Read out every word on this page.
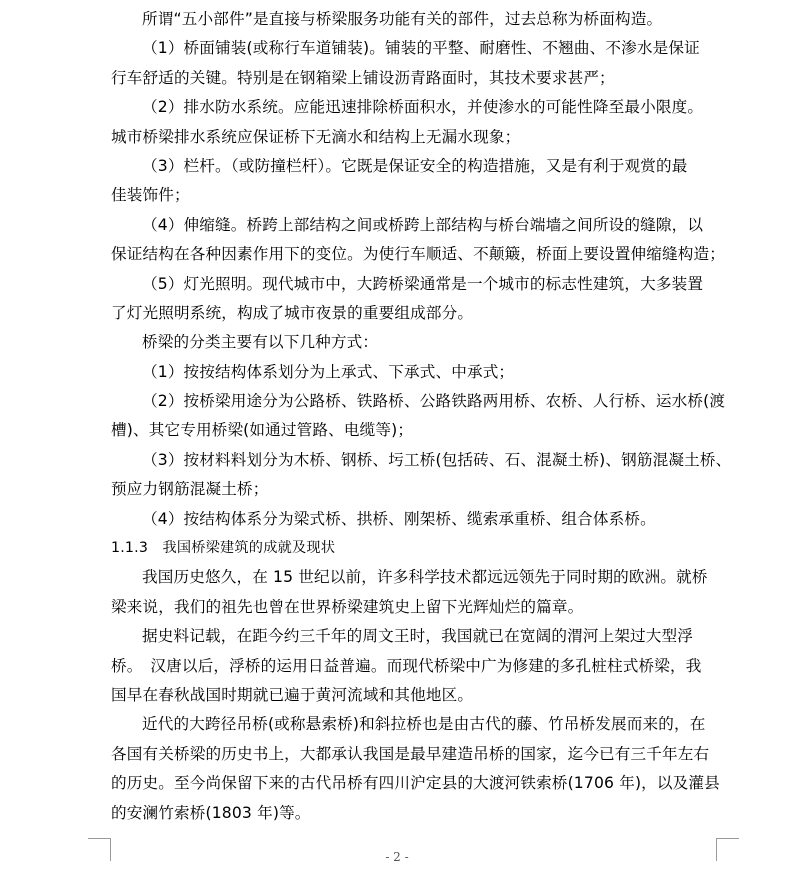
所谓“五小部件”是直接与桥梁服务功能有关的部件，过去总称为桥面构造。
（1）桥面铺装(或称行车道铺装)。铺装的平整、耐磨性、不翘曲、不渗水是保证
行车舒适的关键。特别是在钢箱梁上铺设沥青路面时，其技术要求甚严；
（2）排水防水系统。应能迅速排除桥面积水，并使渗水的可能性降至最小限度。
城市桥梁排水系统应保证桥下无滴水和结构上无漏水现象；
（3）栏杆。（或防撞栏杆）。它既是保证安全的构造措施，又是有利于观赏的最
佳装饰件；
（4）伸缩缝。桥跨上部结构之间或桥跨上部结构与桥台端墙之间所设的缝隙，以
保证结构在各种因素作用下的变位。为使行车顺适、不颠簸，桥面上要设置伸缩缝构造；
（5）灯光照明。现代城市中，大跨桥梁通常是一个城市的标志性建筑，大多装置
了灯光照明系统，构成了城市夜景的重要组成部分。
桥梁的分类主要有以下几种方式：
（1）按按结构体系划分为上承式、下承式、中承式；
（2）按桥梁用途分为公路桥、铁路桥、公路铁路两用桥、农桥、人行桥、运水桥(渡
槽)、其它专用桥梁(如通过管路、电缆等)；
（3）按材料料划分为木桥、钢桥、圬工桥(包括砖、石、混凝土桥)、钢筋混凝土桥、
预应力钢筋混凝土桥；
（4）按结构体系分为梁式桥、拱桥、刚架桥、缆索承重桥、组合体系桥。
1.1.3　我国桥梁建筑的成就及现状
我国历史悠久，在 15 世纪以前，许多科学技术都远远领先于同时期的欧洲。就桥
梁来说，我们的祖先也曾在世界桥梁建筑史上留下光辉灿烂的篇章。
据史料记载，在距今约三千年的周文王时，我国就已在宽阔的渭河上架过大型浮
桥。　汉唐以后，浮桥的运用日益普遍。而现代桥梁中广为修建的多孔桩柱式桥梁，我
国早在春秋战国时期就已遍于黄河流域和其他地区。
近代的大跨径吊桥(或称悬索桥)和斜拉桥也是由古代的藤、竹吊桥发展而来的，在
各国有关桥梁的历史书上，大都承认我国是最早建造吊桥的国家，迄今已有三千年左右
的历史。至今尚保留下来的古代吊桥有四川沪定县的大渡河铁索桥(1706 年)，以及灌县
的安澜竹索桥(1803 年)等。
- 2 -
